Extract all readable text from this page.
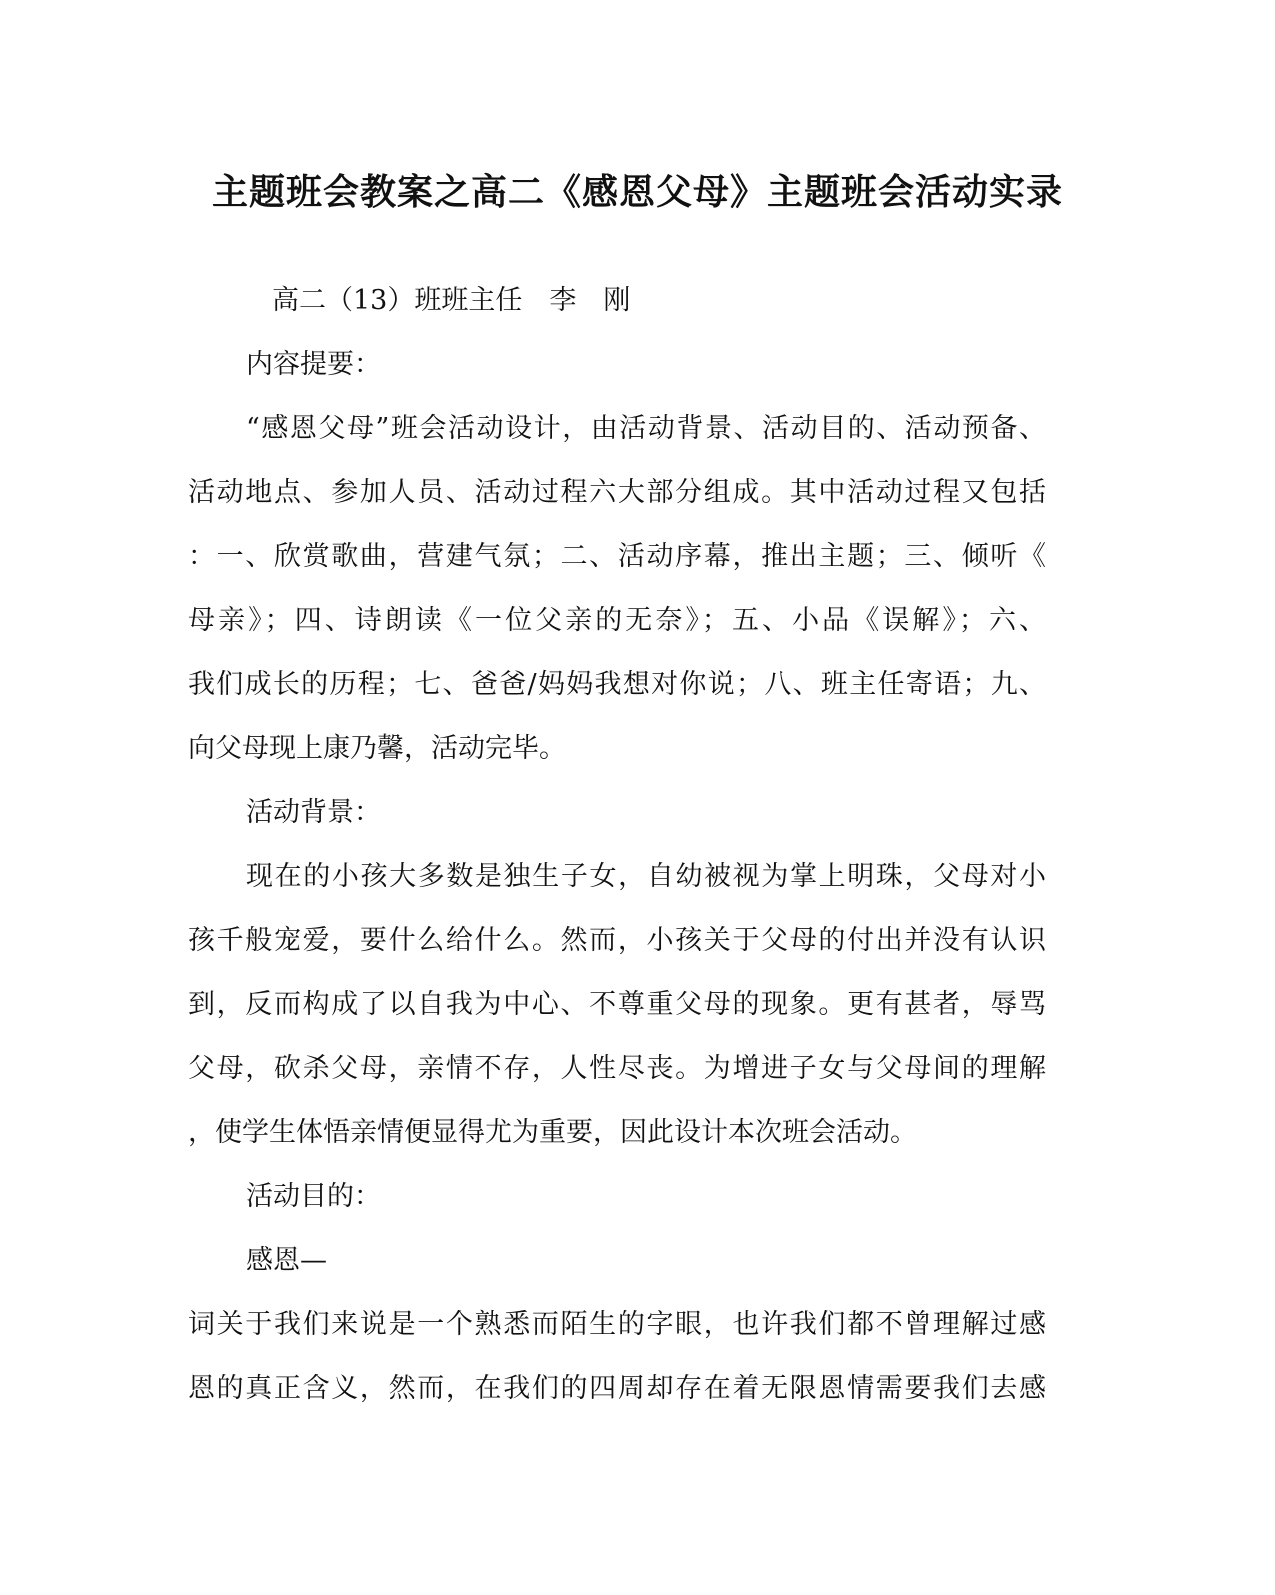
主题班会教案之高二《感恩父母》主题班会活动实录
高二（13）班班主任　李　刚
内容提要：
“感恩父母”班会活动设计，由活动背景、活动目的、活动预备、
活动地点、参加人员、活动过程六大部分组成。其中活动过程又包括
：一、欣赏歌曲，营建气氛；二、活动序幕，推出主题；三、倾听《
母亲》；四、诗朗读《一位父亲的无奈》；五、小品《误解》；六、
我们成长的历程；七、爸爸/妈妈我想对你说；八、班主任寄语；九、
向父母现上康乃馨，活动完毕。
活动背景：
现在的小孩大多数是独生子女，自幼被视为掌上明珠，父母对小
孩千般宠爱，要什么给什么。然而，小孩关于父母的付出并没有认识
到，反而构成了以自我为中心、不尊重父母的现象。更有甚者，辱骂
父母，砍杀父母，亲情不存，人性尽丧。为增进子女与父母间的理解
，使学生体悟亲情便显得尤为重要，因此设计本次班会活动。
活动目的：
感恩—
词关于我们来说是一个熟悉而陌生的字眼，也许我们都不曾理解过感
恩的真正含义，然而，在我们的四周却存在着无限恩情需要我们去感
